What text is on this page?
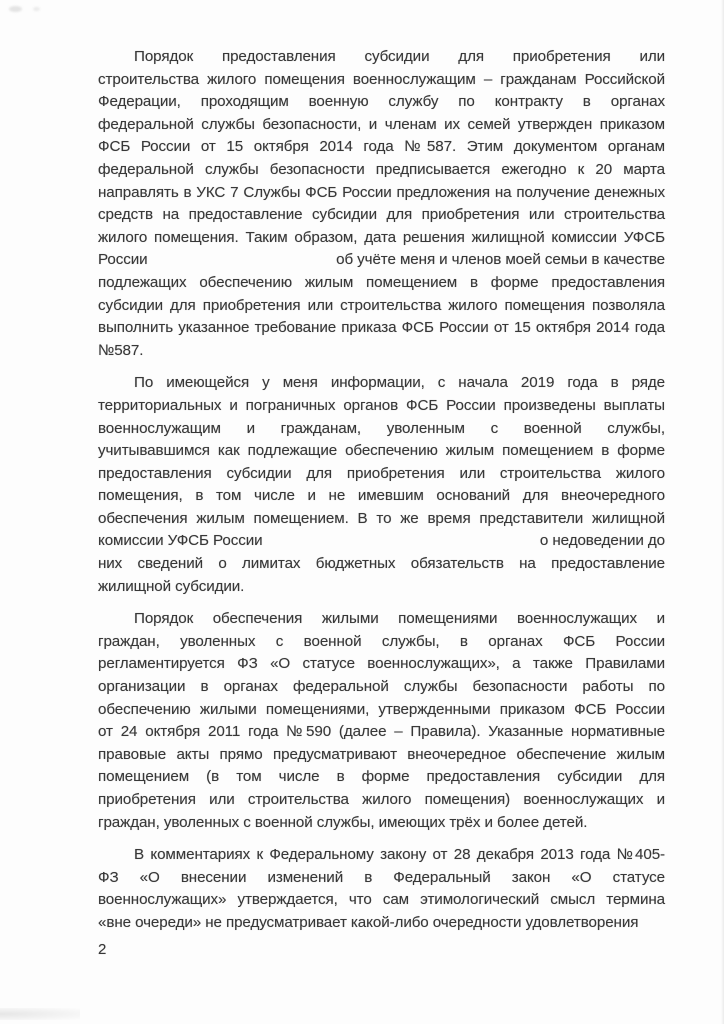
Порядок предоставления субсидии для приобретения или
строительства жилого помещения военнослужащим – гражданам Российской
Федерации, проходящим военную службу по контракту в органах
федеральной службы безопасности, и членам их семей утвержден приказом
ФСБ России от 15 октября 2014 года №587. Этим документом органам
федеральной службы безопасности предписывается ежегодно к 20 марта
направлять в УКС 7 Службы ФСБ России предложения на получение денежных
средств на предоставление субсидии для приобретения или строительства
жилого помещения. Таким образом, дата решения жилищной комиссии УФСБ
России	об учёте меня и членов моей семьи в качестве
подлежащих обеспечению жилым помещением в форме предоставления
субсидии для приобретения или строительства жилого помещения позволяла
выполнить указанное требование приказа ФСБ России от 15 октября 2014 года
№587.
По имеющейся у меня информации, с начала 2019 года в ряде
территориальных и пограничных органов ФСБ России произведены выплаты
военнослужащим и гражданам, уволенным с военной службы,
учитывавшимся как подлежащие обеспечению жилым помещением в форме
предоставления субсидии для приобретения или строительства жилого
помещения, в том числе и не имевшим оснований для внеочередного
обеспечения жилым помещением. В то же время представители жилищной
комиссии УФСБ России	о недоведении до
них сведений о лимитах бюджетных обязательств на предоставление
жилищной субсидии.
Порядок обеспечения жилыми помещениями военнослужащих и
граждан, уволенных с военной службы, в органах ФСБ России
регламентируется ФЗ «О статусе военнослужащих», а также Правилами
организации в органах федеральной службы безопасности работы по
обеспечению жилыми помещениями, утвержденными приказом ФСБ России
от 24 октября 2011 года №590 (далее – Правила). Указанные нормативные
правовые акты прямо предусматривают внеочередное обеспечение жилым
помещением (в том числе в форме предоставления субсидии для
приобретения или строительства жилого помещения) военнослужащих и
граждан, уволенных с военной службы, имеющих трёх и более детей.
В комментариях к Федеральному закону от 28 декабря 2013 года №405-
ФЗ «О внесении изменений в Федеральный закон «О статусе
военнослужащих» утверждается, что сам этимологический смысл термина
«вне очереди» не предусматривает какой-либо очередности удовлетворения
2
